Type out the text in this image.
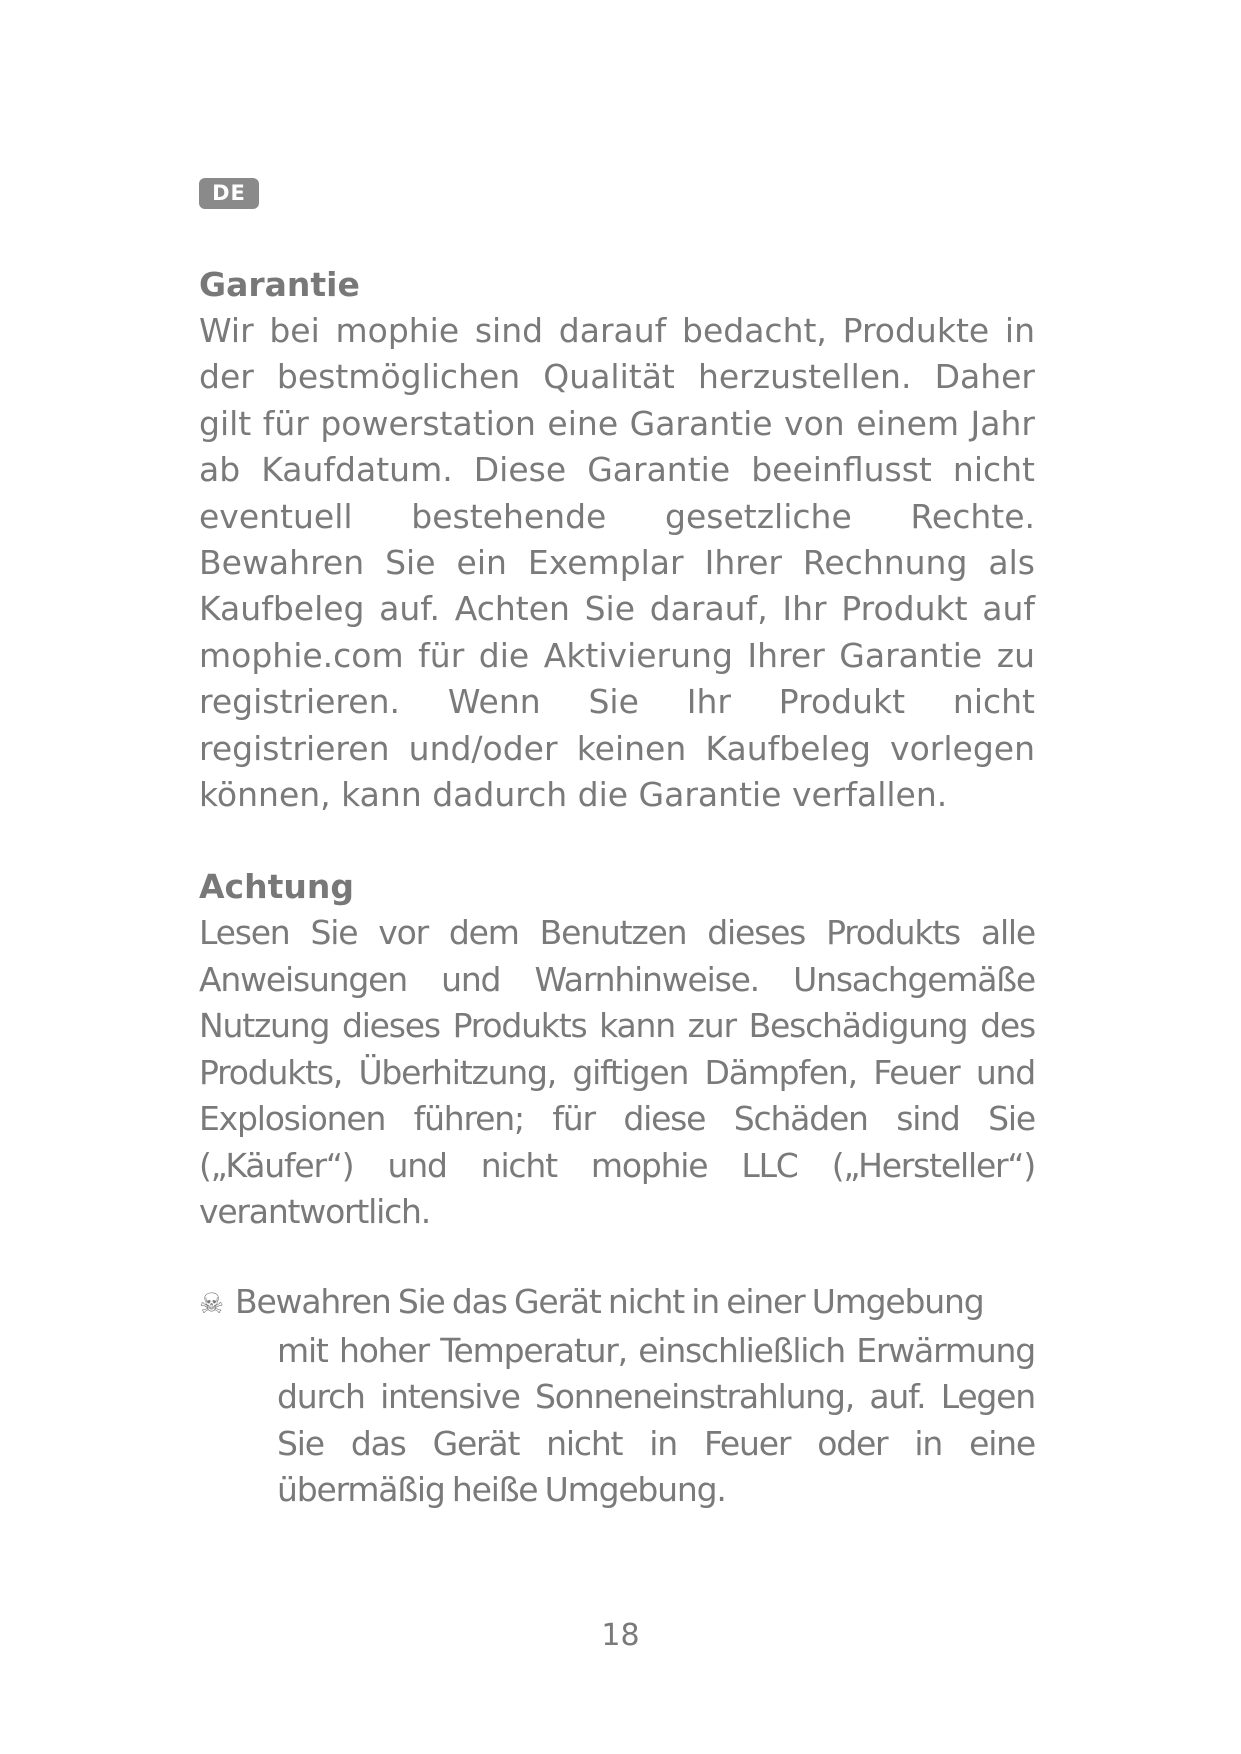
DE
Garantie

Wir bei mophie sind darauf bedacht, Produkte in der bestmöglichen Qualität herzustellen. Daher gilt für powerstation eine Garantie von einem Jahr ab Kaufdatum. Diese Garantie beeinflusst nicht eventuell bestehende gesetzliche Rechte. Bewahren Sie ein Exemplar Ihrer Rechnung als Kaufbeleg auf. Achten Sie darauf, Ihr Produkt auf mophie.com für die Aktivierung Ihrer Garantie zu registrieren. Wenn Sie Ihr Produkt nicht registrieren und/oder keinen Kaufbeleg vorlegen können, kann dadurch die Garantie verfallen.

Achtung

Lesen Sie vor dem Benutzen dieses Produkts alle Anweisungen und Warnhinweise. Unsachgemäße Nutzung dieses Produkts kann zur Beschädigung des Produkts, Überhitzung, giftigen Dämpfen, Feuer und Explosionen führen; für diese Schäden sind Sie („Käufer“) und nicht mophie LLC („Hersteller“) verantwortlich.

☠ Bewahren Sie das Gerät nicht in einer Umgebung
mit hoher Temperatur, einschließlich Erwärmung durch intensive Sonneneinstrahlung, auf. Legen Sie das Gerät nicht in Feuer oder in eine übermäßig heiße Umgebung.

18
